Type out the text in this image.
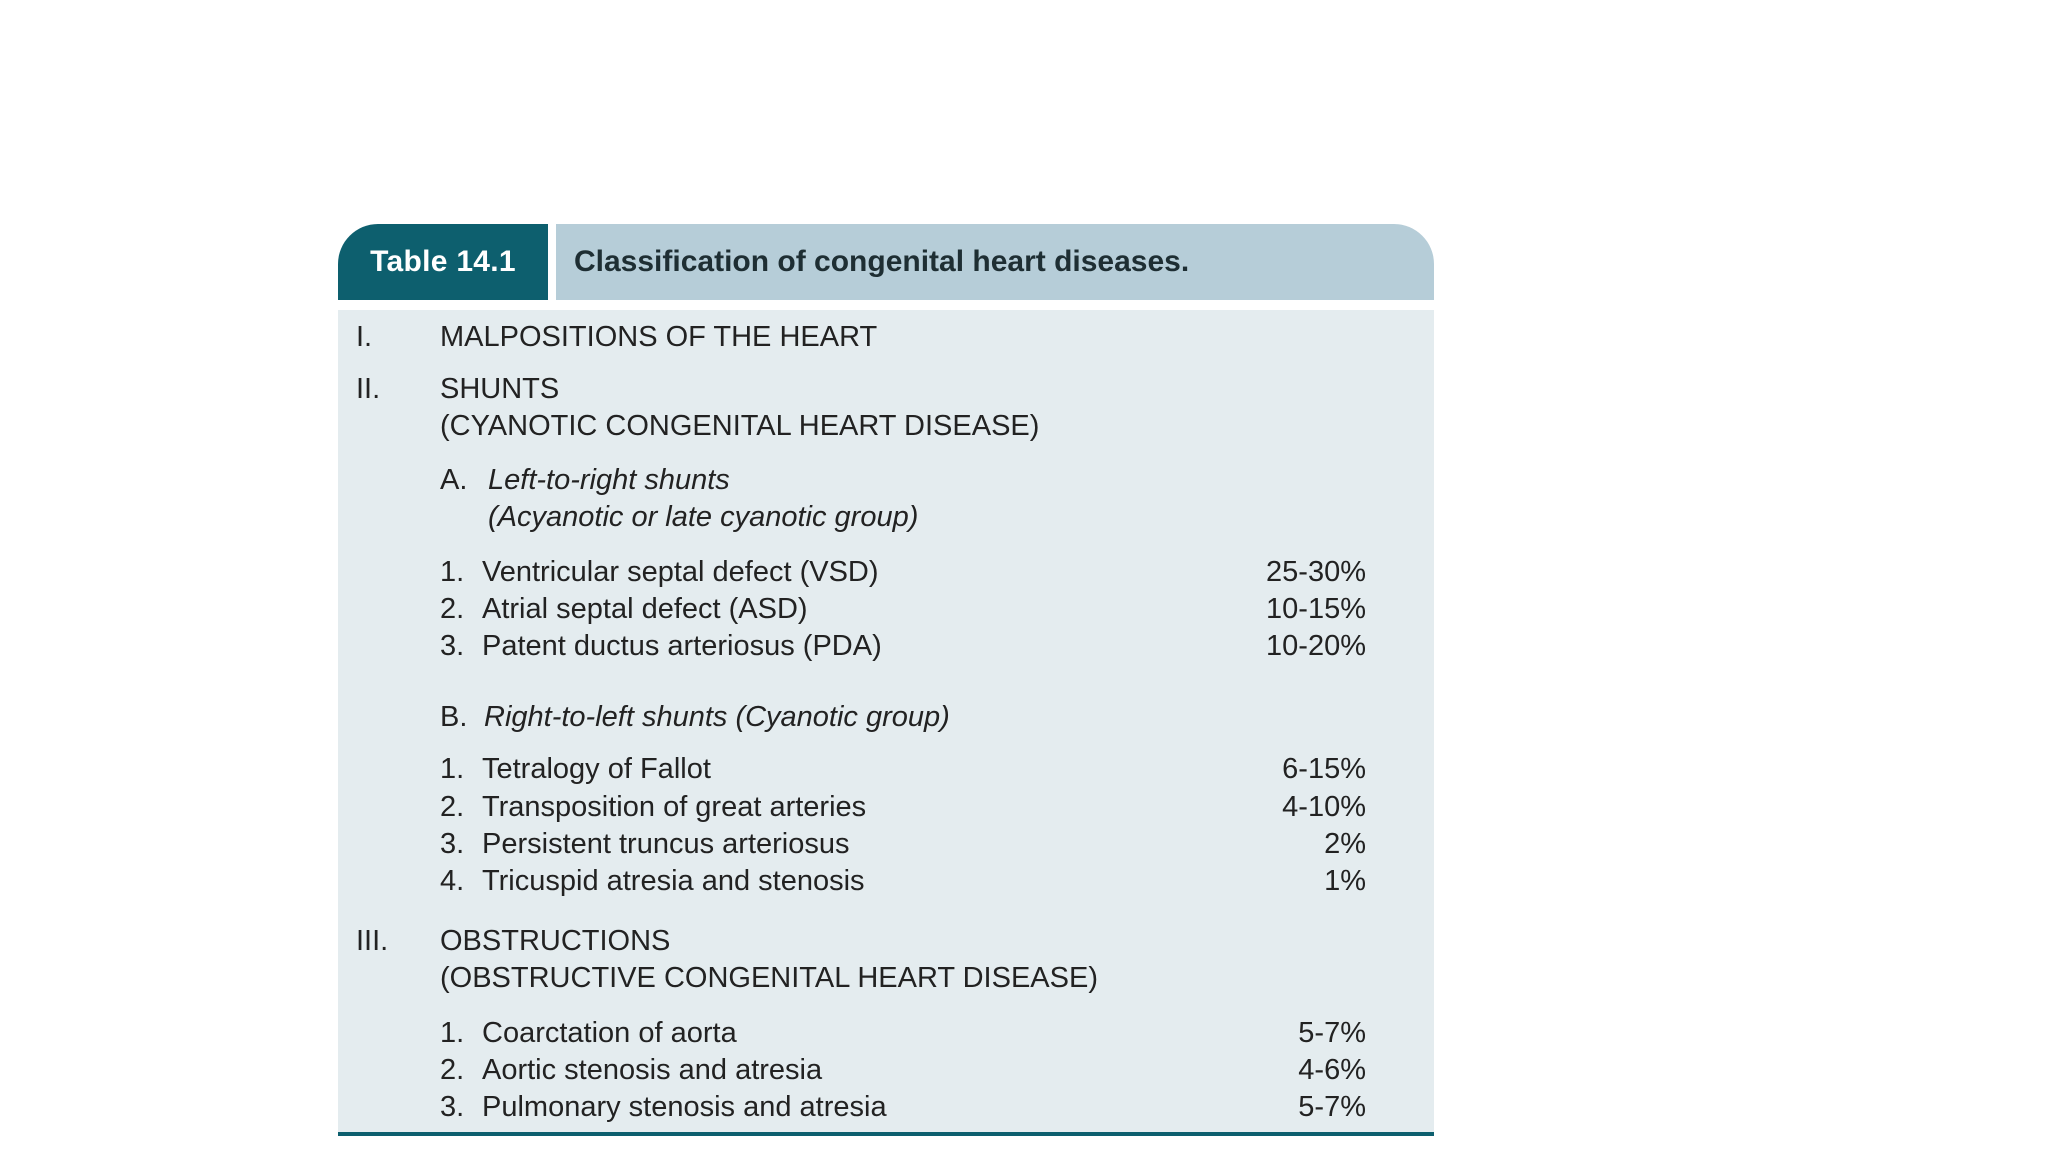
Table 14.1	Classification of congenital heart diseases.
I. MALPOSITIONS OF THE HEART
II. SHUNTS
(CYANOTIC CONGENITAL HEART DISEASE)
A. Left-to-right shunts
(Acyanotic or late cyanotic group)
1. Ventricular septal defect (VSD)	25-30%
2. Atrial septal defect (ASD)	10-15%
3. Patent ductus arteriosus (PDA)	10-20%
B. Right-to-left shunts (Cyanotic group)
1. Tetralogy of Fallot	6-15%
2. Transposition of great arteries	4-10%
3. Persistent truncus arteriosus	2%
4. Tricuspid atresia and stenosis	1%
III. OBSTRUCTIONS
(OBSTRUCTIVE CONGENITAL HEART DISEASE)
1. Coarctation of aorta	5-7%
2. Aortic stenosis and atresia	4-6%
3. Pulmonary stenosis and atresia	5-7%
